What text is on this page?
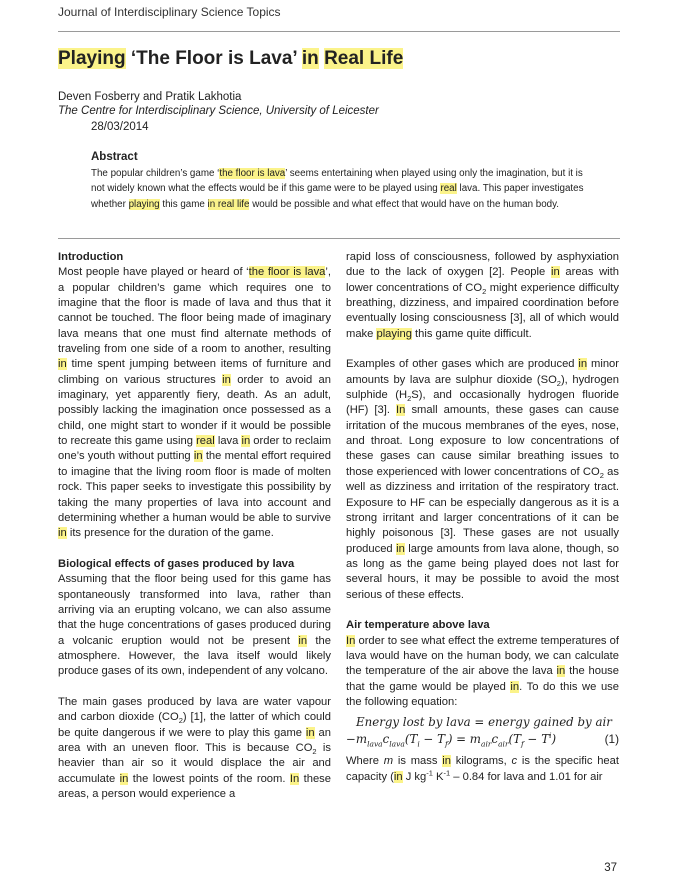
Journal of Interdisciplinary Science Topics
Playing ‘The Floor is Lava’ in Real Life
Deven Fosberry and Pratik Lakhotia
The Centre for Interdisciplinary Science, University of Leicester
28/03/2014
Abstract
The popular children’s game ‘the floor is lava’ seems entertaining when played using only the imagination, but it is not widely known what the effects would be if this game were to be played using real lava. This paper investigates whether playing this game in real life would be possible and what effect that would have on the human body.

Introduction

Most people have played or heard of ‘the floor is lava’, a popular children’s game which requires one to imagine that the floor is made of lava and thus that it cannot be touched. The floor being made of imaginary lava means that one must find alternate methods of traveling from one side of a room to another, resulting in time spent jumping between items of furniture and climbing on various structures in order to avoid an imaginary, yet apparently fiery, death. As an adult, possibly lacking the imagination once possessed as a child, one might start to wonder if it would be possible to recreate this game using real lava in order to reclaim one’s youth without putting in the mental effort required to imagine that the living room floor is made of molten rock. This paper seeks to investigate this possibility by taking the many properties of lava into account and determining whether a human would be able to survive in its presence for the duration of the game.

Biological effects of gases produced by lava

Assuming that the floor being used for this game has spontaneously transformed into lava, rather than arriving via an erupting volcano, we can also assume that the huge concentrations of gases produced during a volcanic eruption would not be present in the atmosphere. However, the lava itself would likely produce gases of its own, independent of any volcano.

The main gases produced by lava are water vapour and carbon dioxide $(CO_2)$ [1], the latter of which could be quite dangerous if we were to play this game in an area with an uneven floor. This is because $CO_2$ is heavier than air so it would displace the air and accumulate in the lowest points of the room. In these areas, a person would experience a

rapid loss of consciousness, followed by asphyxiation due to the lack of oxygen [2]. People in areas with lower concentrations of $CO_2$ might experience difficulty breathing, dizziness, and impaired coordination before eventually losing consciousness [3], all of which would make playing this game quite difficult.

Examples of other gases which are produced in minor amounts by lava are sulphur dioxide $(SO_2)$, hydrogen sulphide $(H_2S)$, and occasionally hydrogen fluoride (HF) [3]. In small amounts, these gases can cause irritation of the mucous membranes of the eyes, nose, and throat. Long exposure to low concentrations of these gases can cause similar breathing issues to those experienced with lower concentrations of $CO_2$ as well as dizziness and irritation of the respiratory tract. Exposure to HF can be especially dangerous as it is a strong irritant and larger concentrations of it can be highly poisonous [3]. These gases are not usually produced in large amounts from lava alone, though, so as long as the game being played does not last for several hours, it may be possible to avoid the most serious of these effects.

Air temperature above lava

In order to see what effect the extreme temperatures of lava would have on the human body, we can calculate the temperature of the air above the lava in the house that the game would be played in. To do this we use the following equation:

Energy lost by lava = energy gained by air
$-m_{lava}c_{lava}(T_i - T_f) = m_{air}c_{air}(T_f - T^i)$	(1)

Where m is mass in kilograms, c is the specific heat capacity (in J $kg^{-1}$ $K^{-1} - 0.84$ for lava and 1.01 for air

37
